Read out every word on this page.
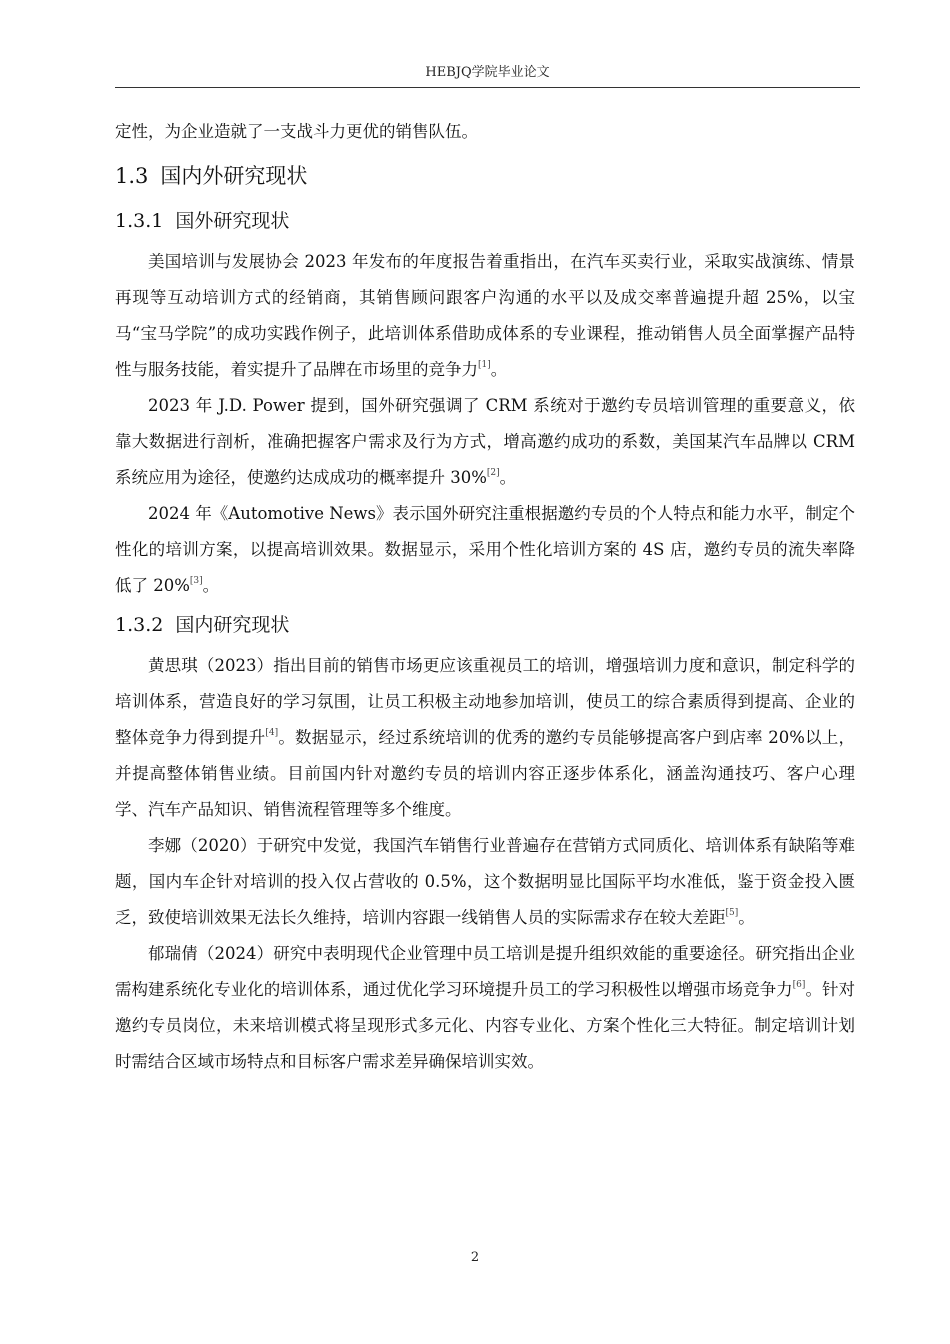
HEBJQ学院毕业论文

定性，为企业造就了一支战斗力更优的销售队伍。

1.3 国内外研究现状
1.3.1 国外研究现状

美国培训与发展协会 2023 年发布的年度报告着重指出，在汽车买卖行业，采取实战演练、情景再现等互动培训方式的经销商，其销售顾问跟客户沟通的水平以及成交率普遍提升超 25%，以宝马“宝马学院”的成功实践作例子，此培训体系借助成体系的专业课程，推动销售人员全面掌握产品特性与服务技能，着实提升了品牌在市场里的竞争力[1]。

2023 年 J.D. Power 提到，国外研究强调了 CRM 系统对于邀约专员培训管理的重要意义，依靠大数据进行剖析，准确把握客户需求及行为方式，增高邀约成功的系数，美国某汽车品牌以 CRM 系统应用为途径，使邀约达成成功的概率提升 30%[2]。

2024 年《Automotive News》表示国外研究注重根据邀约专员的个人特点和能力水平，制定个性化的培训方案，以提高培训效果。数据显示，采用个性化培训方案的 4S 店，邀约专员的流失率降低了 20%[3]。

1.3.2 国内研究现状

黄思琪（2023）指出目前的销售市场更应该重视员工的培训，增强培训力度和意识，制定科学的培训体系，营造良好的学习氛围，让员工积极主动地参加培训，使员工的综合素质得到提高、企业的整体竞争力得到提升[4]。数据显示，经过系统培训的优秀的邀约专员能够提高客户到店率 20%以上，并提高整体销售业绩。目前国内针对邀约专员的培训内容正逐步体系化，涵盖沟通技巧、客户心理学、汽车产品知识、销售流程管理等多个维度。

李娜（2020）于研究中发觉，我国汽车销售行业普遍存在营销方式同质化、培训体系有缺陷等难题，国内车企针对培训的投入仅占营收的 0.5%，这个数据明显比国际平均水准低，鉴于资金投入匮乏，致使培训效果无法长久维持，培训内容跟一线销售人员的实际需求存在较大差距[5]。

郁瑞倩（2024）研究中表明现代企业管理中员工培训是提升组织效能的重要途径。研究指出企业需构建系统化专业化的培训体系，通过优化学习环境提升员工的学习积极性以增强市场竞争力[6]。针对邀约专员岗位，未来培训模式将呈现形式多元化、内容专业化、方案个性化三大特征。制定培训计划时需结合区域市场特点和目标客户需求差异确保培训实效。

2
